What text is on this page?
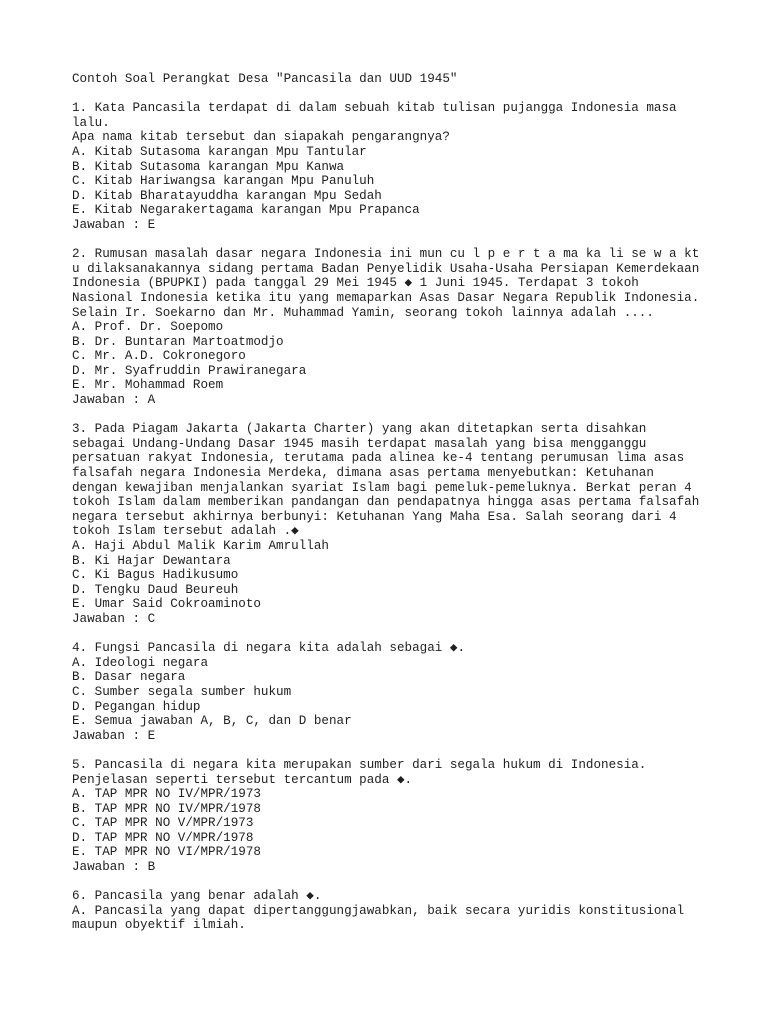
Contoh Soal Perangkat Desa "Pancasila dan UUD 1945"
1. Kata Pancasila terdapat di dalam sebuah kitab tulisan pujangga Indonesia masa
lalu.
Apa nama kitab tersebut dan siapakah pengarangnya?
A. Kitab Sutasoma karangan Mpu Tantular
B. Kitab Sutasoma karangan Mpu Kanwa
C. Kitab Hariwangsa karangan Mpu Panuluh
D. Kitab Bharatayuddha karangan Mpu Sedah
E. Kitab Negarakertagama karangan Mpu Prapanca
Jawaban : E
2. Rumusan masalah dasar negara Indonesia ini mun cu l p e r t a ma ka li se w a kt
u dilaksanakannya sidang pertama Badan Penyelidik Usaha-Usaha Persiapan Kemerdekaan
Indonesia (BPUPKI) pada tanggal 29 Mei 1945 ◆ 1 Juni 1945. Terdapat 3 tokoh
Nasional Indonesia ketika itu yang memaparkan Asas Dasar Negara Republik Indonesia.
Selain Ir. Soekarno dan Mr. Muhammad Yamin, seorang tokoh lainnya adalah ....
A. Prof. Dr. Soepomo
B. Dr. Buntaran Martoatmodjo
C. Mr. A.D. Cokronegoro
D. Mr. Syafruddin Prawiranegara
E. Mr. Mohammad Roem
Jawaban : A
3. Pada Piagam Jakarta (Jakarta Charter) yang akan ditetapkan serta disahkan
sebagai Undang-Undang Dasar 1945 masih terdapat masalah yang bisa mengganggu
persatuan rakyat Indonesia, terutama pada alinea ke-4 tentang perumusan lima asas
falsafah negara Indonesia Merdeka, dimana asas pertama menyebutkan: Ketuhanan
dengan kewajiban menjalankan syariat Islam bagi pemeluk-pemeluknya. Berkat peran 4
tokoh Islam dalam memberikan pandangan dan pendapatnya hingga asas pertama falsafah
negara tersebut akhirnya berbunyi: Ketuhanan Yang Maha Esa. Salah seorang dari 4
tokoh Islam tersebut adalah .◆
A. Haji Abdul Malik Karim Amrullah
B. Ki Hajar Dewantara
C. Ki Bagus Hadikusumo
D. Tengku Daud Beureuh
E. Umar Said Cokroaminoto
Jawaban : C
4. Fungsi Pancasila di negara kita adalah sebagai ◆.
A. Ideologi negara
B. Dasar negara
C. Sumber segala sumber hukum
D. Pegangan hidup
E. Semua jawaban A, B, C, dan D benar
Jawaban : E
5. Pancasila di negara kita merupakan sumber dari segala hukum di Indonesia.
Penjelasan seperti tersebut tercantum pada ◆.
A. TAP MPR NO IV/MPR/1973
B. TAP MPR NO IV/MPR/1978
C. TAP MPR NO V/MPR/1973
D. TAP MPR NO V/MPR/1978
E. TAP MPR NO VI/MPR/1978
Jawaban : B
6. Pancasila yang benar adalah ◆.
A. Pancasila yang dapat dipertanggungjawabkan, baik secara yuridis konstitusional
maupun obyektif ilmiah.
